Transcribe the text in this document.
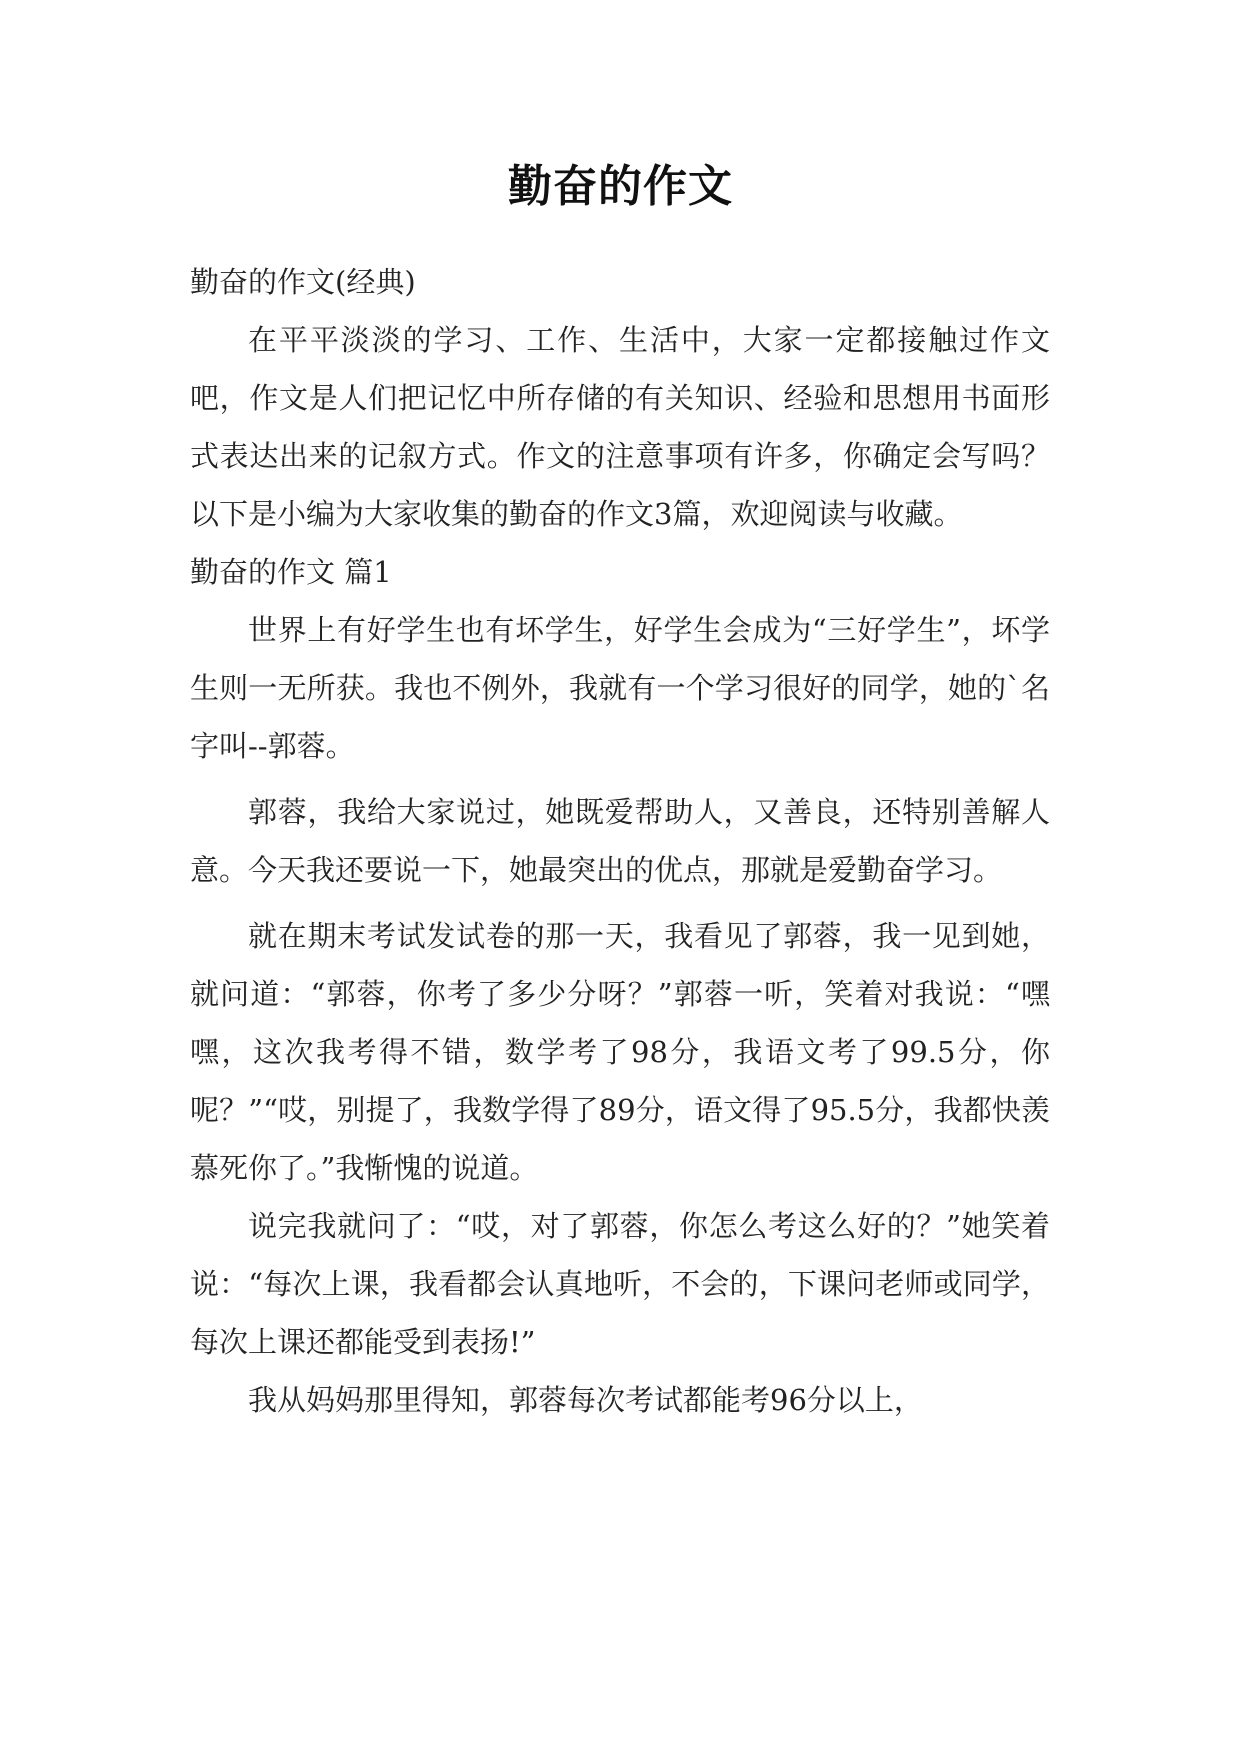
勤奋的作文

勤奋的作文(经典)

在平平淡淡的学习、工作、生活中，大家一定都接触过作文吧，作文是人们把记忆中所存储的有关知识、经验和思想用书面形式表达出来的记叙方式。作文的注意事项有许多，你确定会写吗？以下是小编为大家收集的勤奋的作文3篇，欢迎阅读与收藏。

勤奋的作文 篇1

世界上有好学生也有坏学生，好学生会成为“三好学生”，坏学生则一无所获。我也不例外，我就有一个学习很好的同学，她的`名字叫--郭蓉。

郭蓉，我给大家说过，她既爱帮助人，又善良，还特别善解人意。今天我还要说一下，她最突出的优点，那就是爱勤奋学习。

就在期末考试发试卷的那一天，我看见了郭蓉，我一见到她，就问道：“郭蓉，你考了多少分呀？”郭蓉一听，笑着对我说：“嘿嘿，这次我考得不错，数学考了98分，我语文考了99.5分，你呢？”“哎，别提了，我数学得了89分，语文得了95.5分，我都快羡慕死你了。”我惭愧的说道。

说完我就问了：“哎，对了郭蓉，你怎么考这么好的？”她笑着说：“每次上课，我看都会认真地听，不会的，下课问老师或同学，每次上课还都能受到表扬!”

我从妈妈那里得知，郭蓉每次考试都能考96分以上，
